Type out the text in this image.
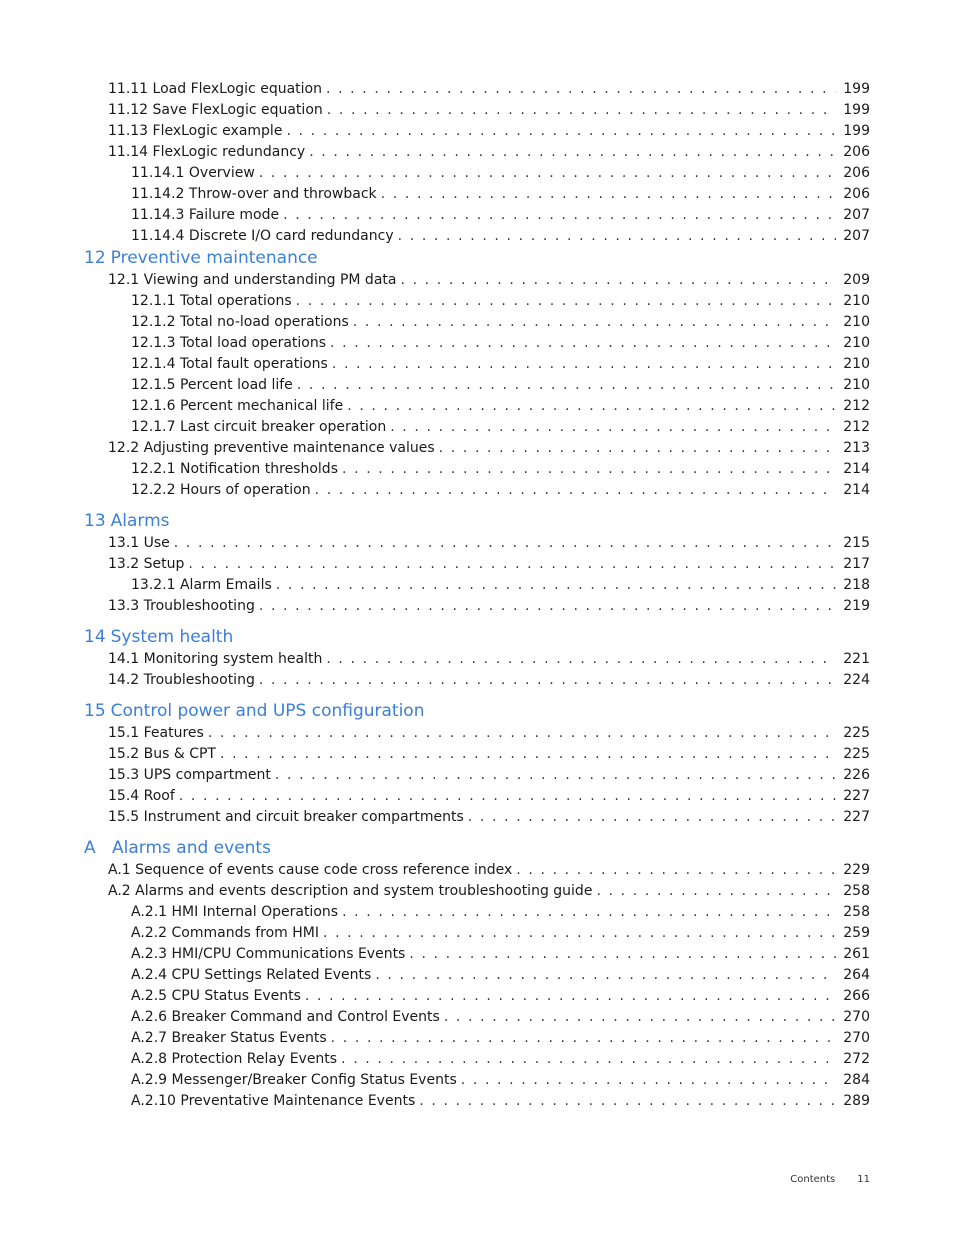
11.11 Load FlexLogic equation . . .	199
11.12 Save FlexLogic equation . . .	199
11.13 FlexLogic example . . .	199
11.14 FlexLogic redundancy . . .	206
11.14.1 Overview . . .	206
11.14.2 Throw-over and throwback . . .	206
11.14.3 Failure mode . . .	207
11.14.4 Discrete I/O card redundancy . . .	207
12 Preventive maintenance
12.1 Viewing and understanding PM data . . .	209
12.1.1 Total operations . . .	210
12.1.2 Total no-load operations . . .	210
12.1.3 Total load operations . . .	210
12.1.4 Total fault operations . . .	210
12.1.5 Percent load life . . .	210
12.1.6 Percent mechanical life . . .	212
12.1.7 Last circuit breaker operation . . .	212
12.2 Adjusting preventive maintenance values . . .	213
12.2.1 Notification thresholds . . .	214
12.2.2 Hours of operation . . .	214
13 Alarms
13.1 Use . . .	215
13.2 Setup . . .	217
13.2.1 Alarm Emails . . .	218
13.3 Troubleshooting . . .	219
14 System health
14.1 Monitoring system health . . .	221
14.2 Troubleshooting . . .	224
15 Control power and UPS configuration
15.1 Features . . .	225
15.2 Bus & CPT . . .	225
15.3 UPS compartment . . .	226
15.4 Roof . . .	227
15.5 Instrument and circuit breaker compartments . . .	227
A Alarms and events
A.1 Sequence of events cause code cross reference index . . .	229
A.2 Alarms and events description and system troubleshooting guide . . .	258
A.2.1 HMI Internal Operations . . .	258
A.2.2 Commands from HMI . . .	259
A.2.3 HMI/CPU Communications Events . . .	261
A.2.4 CPU Settings Related Events . . .	264
A.2.5 CPU Status Events . . .	266
A.2.6 Breaker Command and Control Events . . .	270
A.2.7 Breaker Status Events . . .	270
A.2.8 Protection Relay Events . . .	272
A.2.9 Messenger/Breaker Config Status Events . . .	284
A.2.10 Preventative Maintenance Events . . .	289
Contents 11
